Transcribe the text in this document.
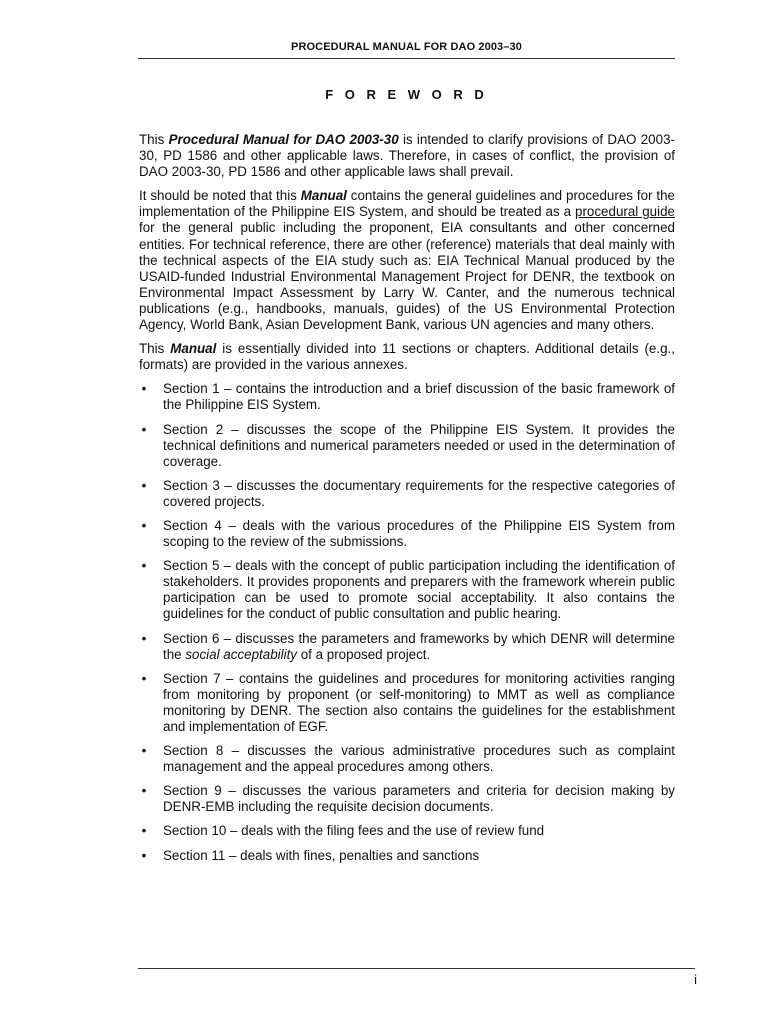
PROCEDURAL MANUAL FOR DAO 2003–30
F O R E W O R D

This Procedural Manual for DAO 2003-30 is intended to clarify provisions of DAO 2003-30, PD 1586 and other applicable laws. Therefore, in cases of conflict, the provision of DAO 2003-30, PD 1586 and other applicable laws shall prevail.

It should be noted that this Manual contains the general guidelines and procedures for the implementation of the Philippine EIS System, and should be treated as a procedural guide for the general public including the proponent, EIA consultants and other concerned entities. For technical reference, there are other (reference) materials that deal mainly with the technical aspects of the EIA study such as: EIA Technical Manual produced by the USAID-funded Industrial Environmental Management Project for DENR, the textbook on Environmental Impact Assessment by Larry W. Canter, and the numerous technical publications (e.g., handbooks, manuals, guides) of the US Environmental Protection Agency, World Bank, Asian Development Bank, various UN agencies and many others.

This Manual is essentially divided into 11 sections or chapters. Additional details (e.g., formats) are provided in the various annexes.

• Section 1 – contains the introduction and a brief discussion of the basic framework of the Philippine EIS System.
• Section 2 – discusses the scope of the Philippine EIS System. It provides the technical definitions and numerical parameters needed or used in the determination of coverage.
• Section 3 – discusses the documentary requirements for the respective categories of covered projects.
• Section 4 – deals with the various procedures of the Philippine EIS System from scoping to the review of the submissions.
• Section 5 – deals with the concept of public participation including the identification of stakeholders. It provides proponents and preparers with the framework wherein public participation can be used to promote social acceptability. It also contains the guidelines for the conduct of public consultation and public hearing.
• Section 6 – discusses the parameters and frameworks by which DENR will determine the social acceptability of a proposed project.
• Section 7 – contains the guidelines and procedures for monitoring activities ranging from monitoring by proponent (or self-monitoring) to MMT as well as compliance monitoring by DENR. The section also contains the guidelines for the establishment and implementation of EGF.
• Section 8 – discusses the various administrative procedures such as complaint management and the appeal procedures among others.
• Section 9 – discusses the various parameters and criteria for decision making by DENR-EMB including the requisite decision documents.
• Section 10 – deals with the filing fees and the use of review fund
• Section 11 – deals with fines, penalties and sanctions
i
